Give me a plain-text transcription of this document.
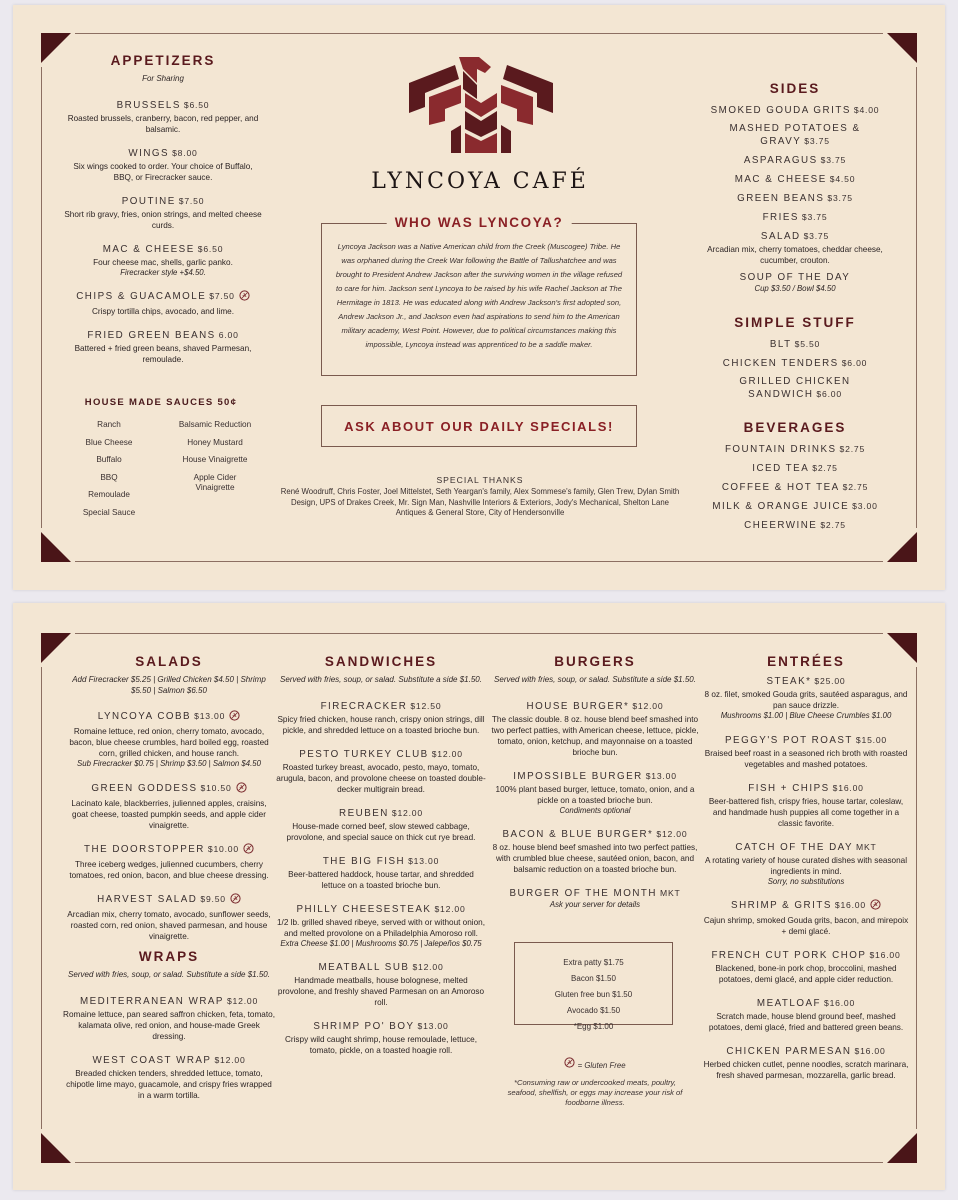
APPETIZERS
For Sharing
BRUSSELS $6.50
Roasted brussels, cranberry, bacon, red pepper, and balsamic.
WINGS $8.00
Six wings cooked to order. Your choice of Buffalo, BBQ, or Firecracker sauce.
POUTINE $7.50
Short rib gravy, fries, onion strings, and melted cheese curds.
MAC & CHEESE $6.50
Four cheese mac, shells, garlic panko.
Firecracker style +$4.50.
CHIPS & GUACAMOLE $7.50
Crispy tortilla chips, avocado, and lime.
FRIED GREEN BEANS 6.00
Battered + fried green beans, shaved Parmesan, remoulade.
HOUSE MADE SAUCES 50¢
Ranch
Blue Cheese
Buffalo
BBQ
Remoulade
Special Sauce
Balsamic Reduction
Honey Mustard
House Vinaigrette
Apple Cider Vinaigrette
LYNCOYA CAFÉ
WHO WAS LYNCOYA?
Lyncoya Jackson was a Native American child from the Creek (Muscogee) Tribe. He was orphaned during the Creek War following the Battle of Tallushatchee and was brought to President Andrew Jackson after the surviving women in the village refused to care for him. Jackson sent Lyncoya to be raised by his wife Rachel Jackson at The Hermitage in 1813. He was educated along with Andrew Jackson's first adopted son, Andrew Jackson Jr., and Jackson even had aspirations to send him to the American military academy, West Point. However, due to political circumstances making this impossible, Lyncoya instead was apprenticed to be a saddle maker.
ASK ABOUT OUR DAILY SPECIALS!
SPECIAL THANKS
René Woodruff, Chris Foster, Joel Mittelstet, Seth Yeargan's family, Alex Sommese's family, Glen Trew, Dylan Smith Design, UPS of Drakes Creek, Mr. Sign Man, Nashville Interiors & Exteriors, Jody's Mechanical, Shelton Lane Antiques & General Store, City of Hendersonville
SIDES
SMOKED GOUDA GRITS $4.00
MASHED POTATOES & GRAVY $3.75
ASPARAGUS $3.75
MAC & CHEESE $4.50
GREEN BEANS $3.75
FRIES $3.75
SALAD $3.75
Arcadian mix, cherry tomatoes, cheddar cheese, cucumber, crouton.
SOUP OF THE DAY
Cup $3.50 / Bowl $4.50
SIMPLE STUFF
BLT $5.50
CHICKEN TENDERS $6.00
GRILLED CHICKEN SANDWICH $6.00
BEVERAGES
FOUNTAIN DRINKS $2.75
ICED TEA $2.75
COFFEE & HOT TEA $2.75
MILK & ORANGE JUICE $3.00
CHEERWINE $2.75
SALADS
Add Firecracker $5.25 | Grilled Chicken $4.50 | Shrimp $5.50 | Salmon $6.50
LYNCOYA COBB $13.00
Romaine lettuce, red onion, cherry tomato, avocado, bacon, blue cheese crumbles, hard boiled egg, roasted corn, grilled chicken, and house ranch.
Sub Firecracker $0.75 | Shrimp $3.50 | Salmon $4.50
GREEN GODDESS $10.50
Lacinato kale, blackberries, julienned apples, craisins, goat cheese, toasted pumpkin seeds, and apple cider vinaigrette.
THE DOORSTOPPER $10.00
Three iceberg wedges, julienned cucumbers, cherry tomatoes, red onion, bacon, and blue cheese dressing.
HARVEST SALAD $9.50
Arcadian mix, cherry tomato, avocado, sunflower seeds, roasted corn, red onion, shaved parmesan, and house vinaigrette.
WRAPS
Served with fries, soup, or salad. Substitute a side $1.50.
MEDITERRANEAN WRAP $12.00
Romaine lettuce, pan seared saffron chicken, feta, tomato, kalamata olive, red onion, and house-made Greek dressing.
WEST COAST WRAP $12.00
Breaded chicken tenders, shredded lettuce, tomato, chipotle lime mayo, guacamole, and crispy fries wrapped in a warm tortilla.
SANDWICHES
Served with fries, soup, or salad. Substitute a side $1.50.
FIRECRACKER $12.50
Spicy fried chicken, house ranch, crispy onion strings, dill pickle, and shredded lettuce on a toasted brioche bun.
PESTO TURKEY CLUB $12.00
Roasted turkey breast, avocado, pesto, mayo, tomato, arugula, bacon, and provolone cheese on toasted double-decker multigrain bread.
REUBEN $12.00
House-made corned beef, slow stewed cabbage, provolone, and special sauce on thick cut rye bread.
THE BIG FISH $13.00
Beer-battered haddock, house tartar, and shredded lettuce on a toasted brioche bun.
PHILLY CHEESESTEAK $12.00
1/2 lb. grilled shaved ribeye, served with or without onion, and melted provolone on a Philadelphia Amoroso roll.
Extra Cheese $1.00 | Mushrooms $0.75 | Jalepeños $0.75
MEATBALL SUB $12.00
Handmade meatballs, house bolognese, melted provolone, and freshly shaved Parmesan on an Amoroso roll.
SHRIMP PO' BOY $13.00
Crispy wild caught shrimp, house remoulade, lettuce, tomato, pickle, on a toasted hoagie roll.
BURGERS
Served with fries, soup, or salad. Substitute a side $1.50.
HOUSE BURGER* $12.00
The classic double. 8 oz. house blend beef smashed into two perfect patties, with American cheese, lettuce, pickle, tomato, onion, ketchup, and mayonnaise on a toasted brioche bun.
IMPOSSIBLE BURGER $13.00
100% plant based burger, lettuce, tomato, onion, and a pickle on a toasted brioche bun.
Condiments optional
BACON & BLUE BURGER* $12.00
8 oz. house blend beef smashed into two perfect patties, with crumbled blue cheese, sautéed onion, bacon, and balsamic reduction on a toasted brioche bun.
BURGER OF THE MONTH MKT
Ask your server for details
Extra patty $1.75
Bacon $1.50
Gluten free bun $1.50
Avocado $1.50
*Egg $1.00
= Gluten Free
*Consuming raw or undercooked meats, poultry, seafood, shellfish, or eggs may increase your risk of foodborne illness.
ENTRÉES
STEAK* $25.00
8 oz. filet, smoked Gouda grits, sautéed asparagus, and pan sauce drizzle.
Mushrooms $1.00 | Blue Cheese Crumbles $1.00
PEGGY'S POT ROAST $15.00
Braised beef roast in a seasoned rich broth with roasted vegetables and mashed potatoes.
FISH + CHIPS $16.00
Beer-battered fish, crispy fries, house tartar, coleslaw, and handmade hush puppies all come together in a classic favorite.
CATCH OF THE DAY MKT
A rotating variety of house curated dishes with seasonal ingredients in mind.
Sorry, no substitutions
SHRIMP & GRITS $16.00
Cajun shrimp, smoked Gouda grits, bacon, and mirepoix + demi glacé.
FRENCH CUT PORK CHOP $16.00
Blackened, bone-in pork chop, broccolini, mashed potatoes, demi glacé, and apple cider reduction.
MEATLOAF $16.00
Scratch made, house blend ground beef, mashed potatoes, demi glacé, fried and battered green beans.
CHICKEN PARMESAN $16.00
Herbed chicken cutlet, penne noodles, scratch marinara, fresh shaved parmesan, mozzarella, garlic bread.
